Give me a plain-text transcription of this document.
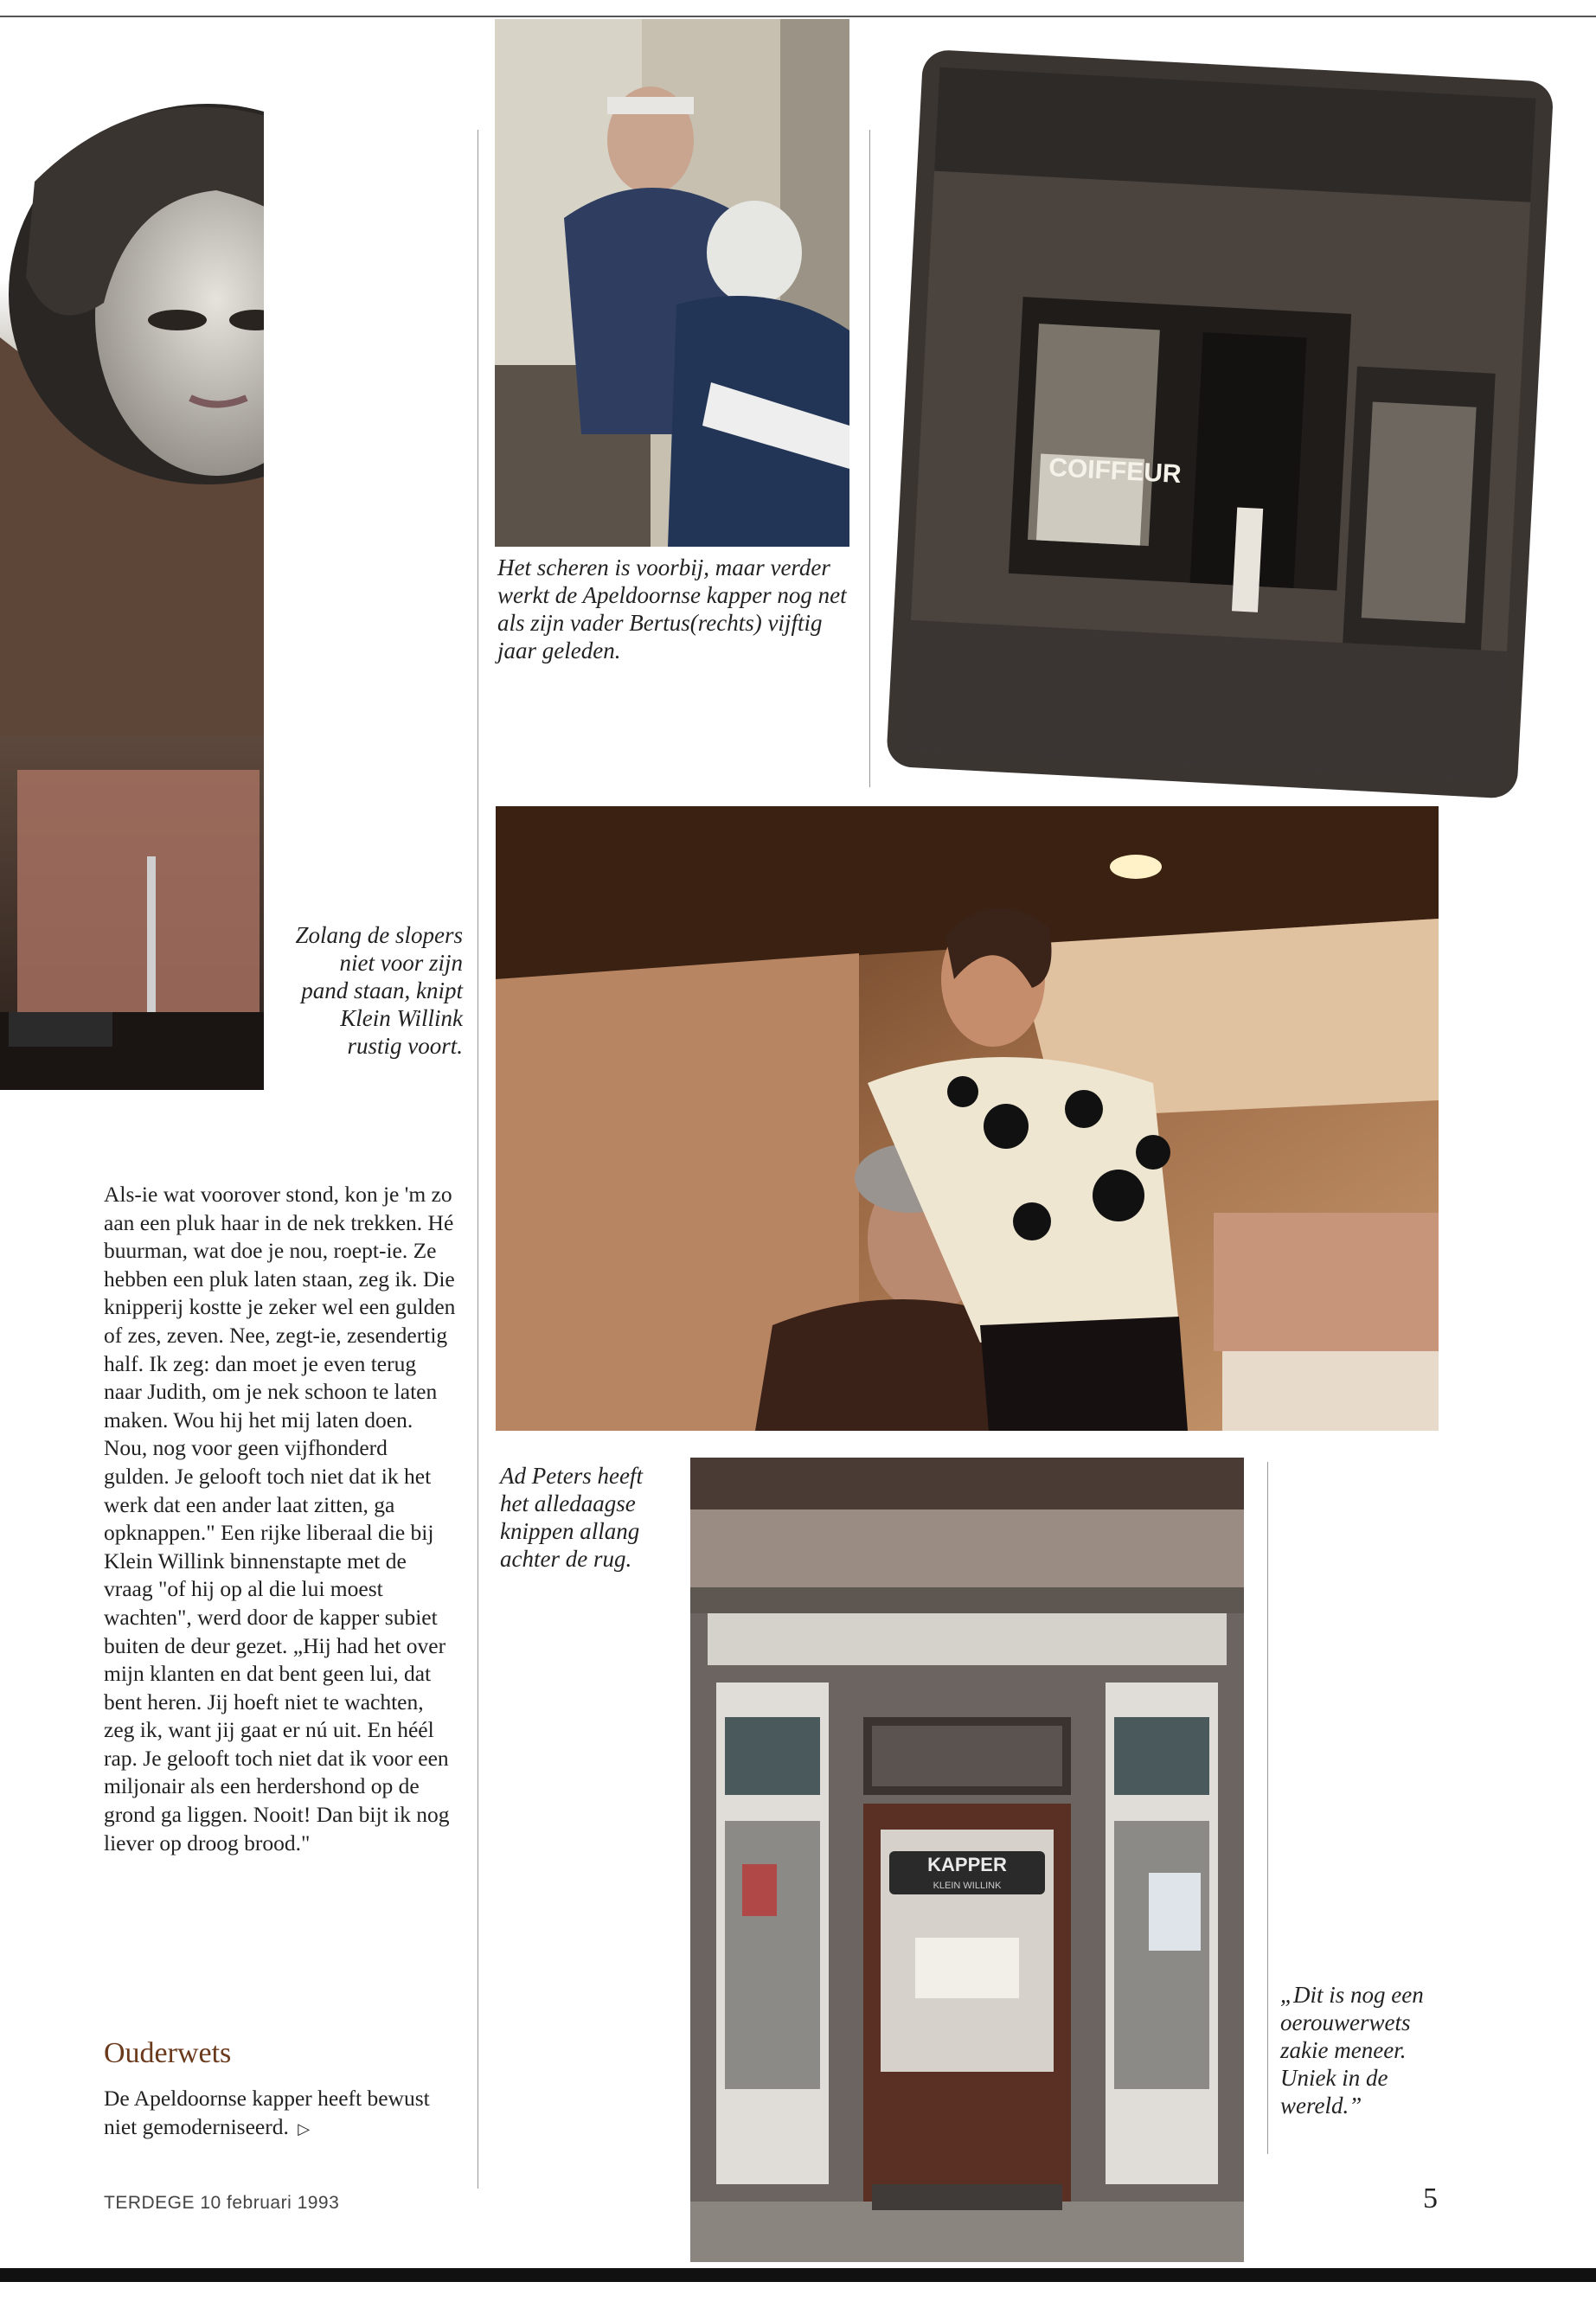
COIFFEUR
KAPPER
KLEIN WILLINK
Het scheren is voorbij, maar verder werkt de Apeldoornse kapper nog net als zijn vader Bertus(rechts) vijftig jaar geleden.
Zolang de slopers niet voor zijn pand staan, knipt Klein Willink rustig voort.
Ad Peters heeft het alledaagse knippen allang achter de rug.
„Dit is nog een oerouwerwets zakie meneer. Uniek in de wereld.”

Als-ie wat voorover stond, kon je 'm zo aan een pluk haar in de nek trekken. Hé buurman, wat doe je nou, roept-ie. Ze hebben een pluk laten staan, zeg ik. Die knipperij kostte je zeker wel een gulden of zes, zeven. Nee, zegt-ie, zesendertig half. Ik zeg: dan moet je even terug naar Judith, om je nek schoon te laten maken. Wou hij het mij laten doen. Nou, nog voor geen vijfhonderd gulden. Je gelooft toch niet dat ik het werk dat een ander laat zitten, ga opknappen." Een rijke liberaal die bij Klein Willink binnenstapte met de vraag "of hij op al die lui moest wachten", werd door de kapper subiet buiten de deur gezet. „Hij had het over mijn klanten en dat bent geen lui, dat bent heren. Jij hoeft niet te wachten, zeg ik, want jij gaat er nú uit. En héél rap. Je gelooft toch niet dat ik voor een miljonair als een herdershond op de grond ga liggen. Nooit! Dan bijt ik nog liever op droog brood."

Ouderwets
De Apeldoornse kapper heeft bewust niet gemoderniseerd. ▷
TERDEGE 10 februari 1993	5
